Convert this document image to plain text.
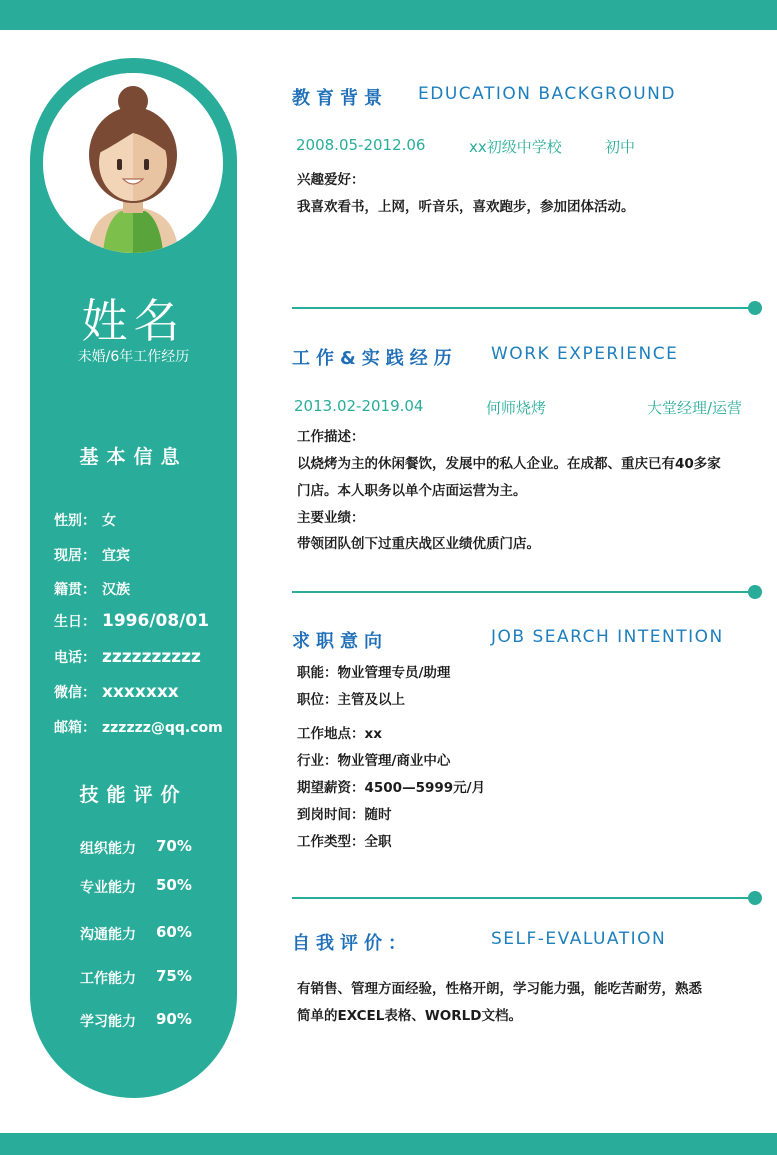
姓名
未婚/6年工作经历
基本信息
性别： 女
现居： 宜宾
籍贯： 汉族
生日： 1996/08/01
电话： zzzzzzzzzz
微信： xxxxxxx
邮箱： zzzzzz@qq.com
技能评价
组织能力 70%
专业能力 50%
沟通能力 60%
工作能力 75%
学习能力 90%
教育背景 EDUCATION BACKGROUND
2008.05-2012.06	xx初级中学校	初中
兴趣爱好：
我喜欢看书，上网，听音乐，喜欢跑步，参加团体活动。
工作&实践经历 WORK EXPERIENCE
2013.02-2019.04	何师烧烤	大堂经理/运营
工作描述：
以烧烤为主的休闲餐饮，发展中的私人企业。在成都、重庆已有40多家
门店。本人职务以单个店面运营为主。
主要业绩：
带领团队创下过重庆战区业绩优质门店。
求职意向	JOB SEARCH INTENTION
职能：物业管理专员/助理
职位：主管及以上
工作地点：xx
行业：物业管理/商业中心
期望薪资：4500—5999元/月
到岗时间：随时
工作类型：全职
自我评价：	SELF-EVALUATION
有销售、管理方面经验，性格开朗，学习能力强，能吃苦耐劳，熟悉
简单的EXCEL表格、WORLD文档。
